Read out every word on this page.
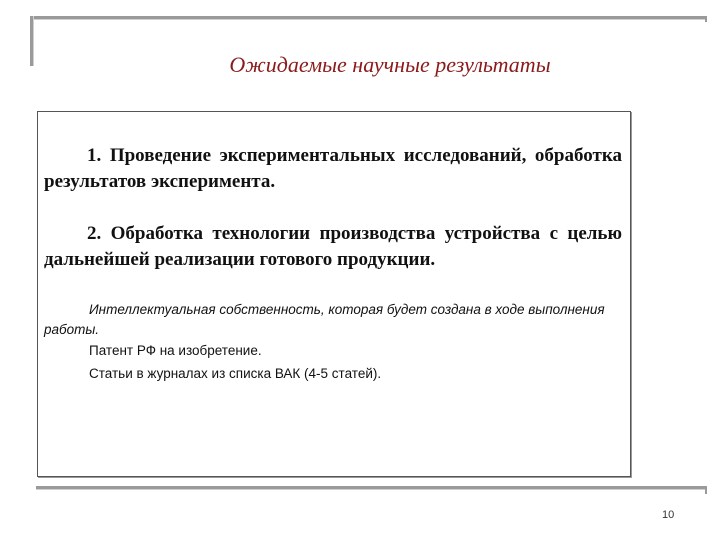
Ожидаемые научные результаты

1. Проведение экспериментальных исследований, обработка результатов эксперимента.

2. Обработка технологии производства устройства с целью дальнейшей реализации готового продукции.

Интеллектуальная собственность, которая будет создана в ходе выполнения работы.

Патент РФ на изобретение.

Статьи в журналах из списка ВАК (4-5 статей).

10
